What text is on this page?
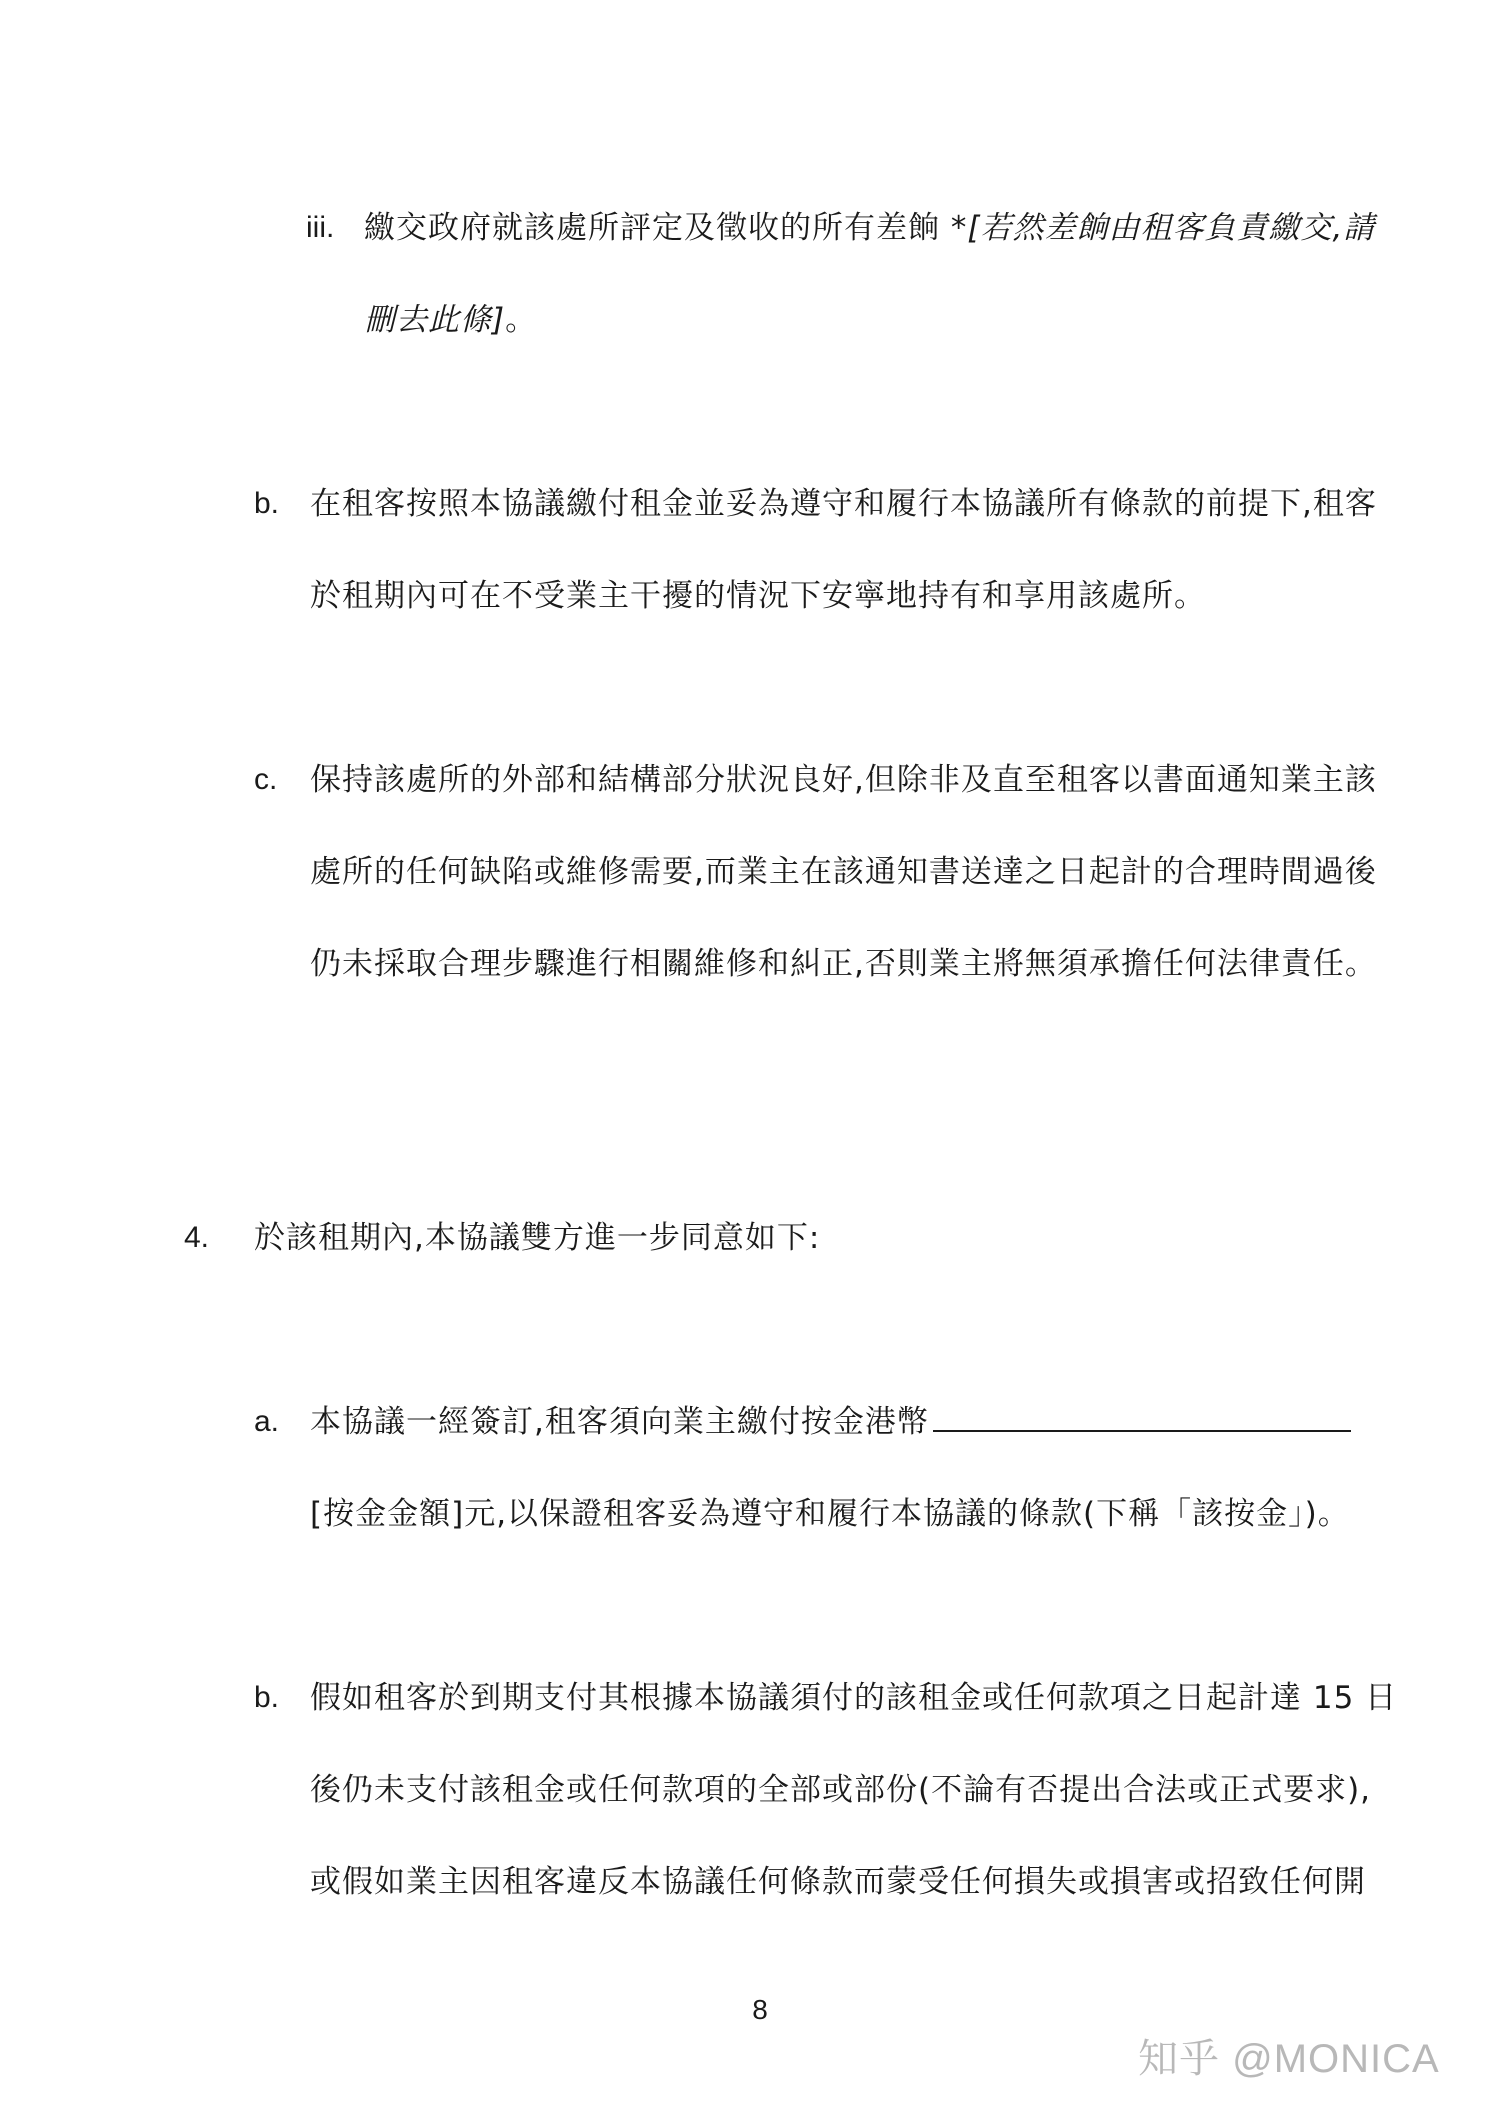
iii. 繳交政府就該處所評定及徵收的所有差餉 *[若然差餉由租客負責繳交,請
刪去此條]。
b. 在租客按照本協議繳付租金並妥為遵守和履行本協議所有條款的前提下,租客
於租期內可在不受業主干擾的情況下安寧地持有和享用該處所。
c. 保持該處所的外部和結構部分狀況良好,但除非及直至租客以書面通知業主該
處所的任何缺陷或維修需要,而業主在該通知書送達之日起計的合理時間過後
仍未採取合理步驟進行相關維修和糾正,否則業主將無須承擔任何法律責任。
4. 於該租期內,本協議雙方進一步同意如下:
a. 本協議一經簽訂,租客須向業主繳付按金港幣
[按金金額]元,以保證租客妥為遵守和履行本協議的條款(下稱「該按金」)。
b. 假如租客於到期支付其根據本協議須付的該租金或任何款項之日起計達 15 日
後仍未支付該租金或任何款項的全部或部份(不論有否提出合法或正式要求),
或假如業主因租客違反本協議任何條款而蒙受任何損失或損害或招致任何開
8
知乎 @MONICA
